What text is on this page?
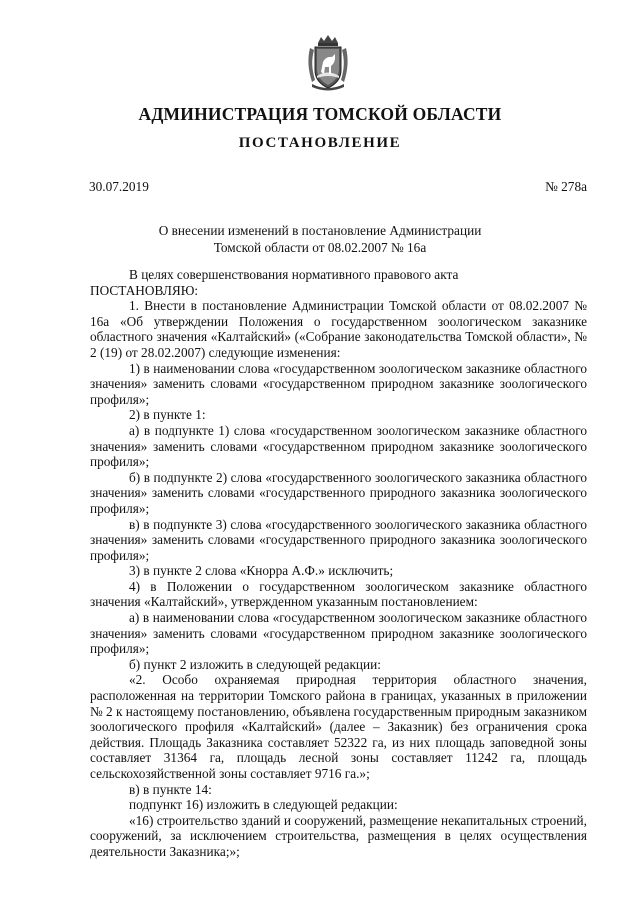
АДМИНИСТРАЦИЯ ТОМСКОЙ ОБЛАСТИ
ПОСТАНОВЛЕНИЕ
30.07.2019	№ 278а
О внесении изменений в постановление Администрации
Томской области от 08.02.2007 № 16а

В целях совершенствования нормативного правового акта

ПОСТАНОВЛЯЮ:

1. Внести в постановление Администрации Томской области от 08.02.2007 № 16а «Об утверждении Положения о государственном зоологическом заказнике областного значения «Калтайский» («Собрание законодательства Томской области», № 2 (19) от 28.02.2007) следующие изменения:

1) в наименовании слова «государственном зоологическом заказнике областного значения» заменить словами «государственном природном заказнике зоологического профиля»;

2) в пункте 1:

а) в подпункте 1) слова «государственном зоологическом заказнике областного значения» заменить словами «государственном природном заказнике зоологического профиля»;

б) в подпункте 2) слова «государственного зоологического заказника областного значения» заменить словами «государственного природного заказника зоологического профиля»;

в) в подпункте 3) слова «государственного зоологического заказника областного значения» заменить словами «государственного природного заказника зоологического профиля»;

3) в пункте 2 слова «Кнорра А.Ф.» исключить;

4) в Положении о государственном зоологическом заказнике областного значения «Калтайский», утвержденном указанным постановлением:

а) в наименовании слова «государственном зоологическом заказнике областного значения» заменить словами «государственном природном заказнике зоологического профиля»;

б) пункт 2 изложить в следующей редакции:

«2. Особо охраняемая природная территория областного значения, расположенная на территории Томского района в границах, указанных в приложении № 2 к настоящему постановлению, объявлена государственным природным заказником зоологического профиля «Калтайский» (далее – Заказник) без ограничения срока действия. Площадь Заказника составляет 52322 га, из них площадь заповедной зоны составляет 31364 га, площадь лесной зоны составляет 11242 га, площадь сельскохозяйственной зоны составляет 9716 га.»;

в) в пункте 14:

подпункт 16) изложить в следующей редакции:

«16) строительство зданий и сооружений, размещение некапитальных строений, сооружений, за исключением строительства, размещения в целях осуществления деятельности Заказника;»;
